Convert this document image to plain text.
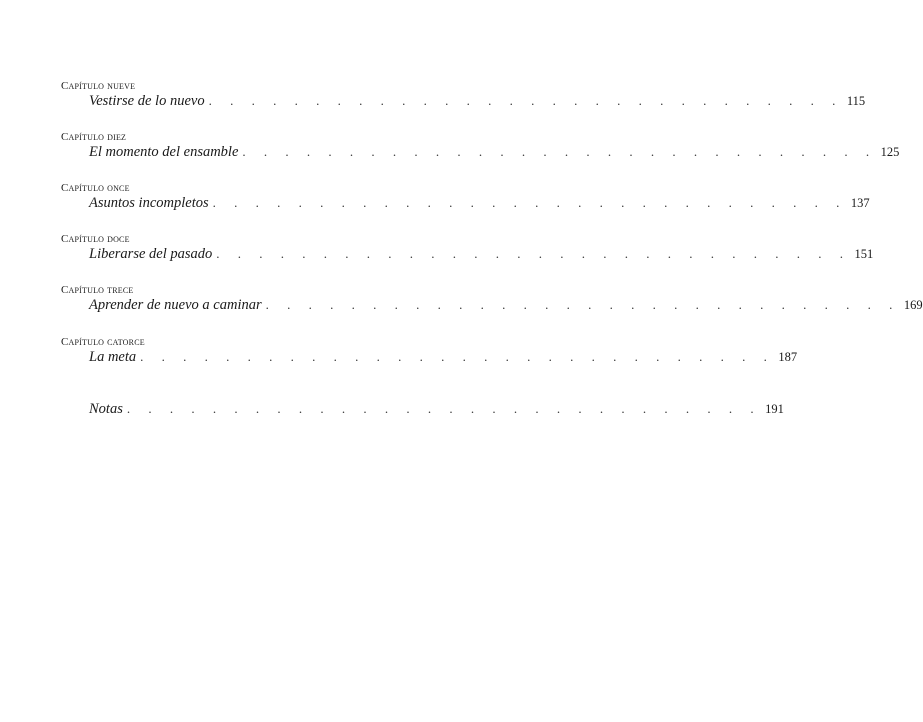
Capítulo nueve
Vestirse de lo nuevo . . . . . . . . . . . . . . . . . . . . . . . . . . . . . . 115
Capítulo diez
El momento del ensamble . . . . . . . . . . . . . . . . . . . . . . . . . . . . . . 125
Capítulo once
Asuntos incompletos . . . . . . . . . . . . . . . . . . . . . . . . . . . . . . 137
Capítulo doce
Liberarse del pasado . . . . . . . . . . . . . . . . . . . . . . . . . . . . . . 151
Capítulo trece
Aprender de nuevo a caminar . . . . . . . . . . . . . . . . . . . . . . . . . . . . . . 169
Capítulo catorce
La meta . . . . . . . . . . . . . . . . . . . . . . . . . . . . . . 187
Notas . . . . . . . . . . . . . . . . . . . . . . . . . . . . . . 191
